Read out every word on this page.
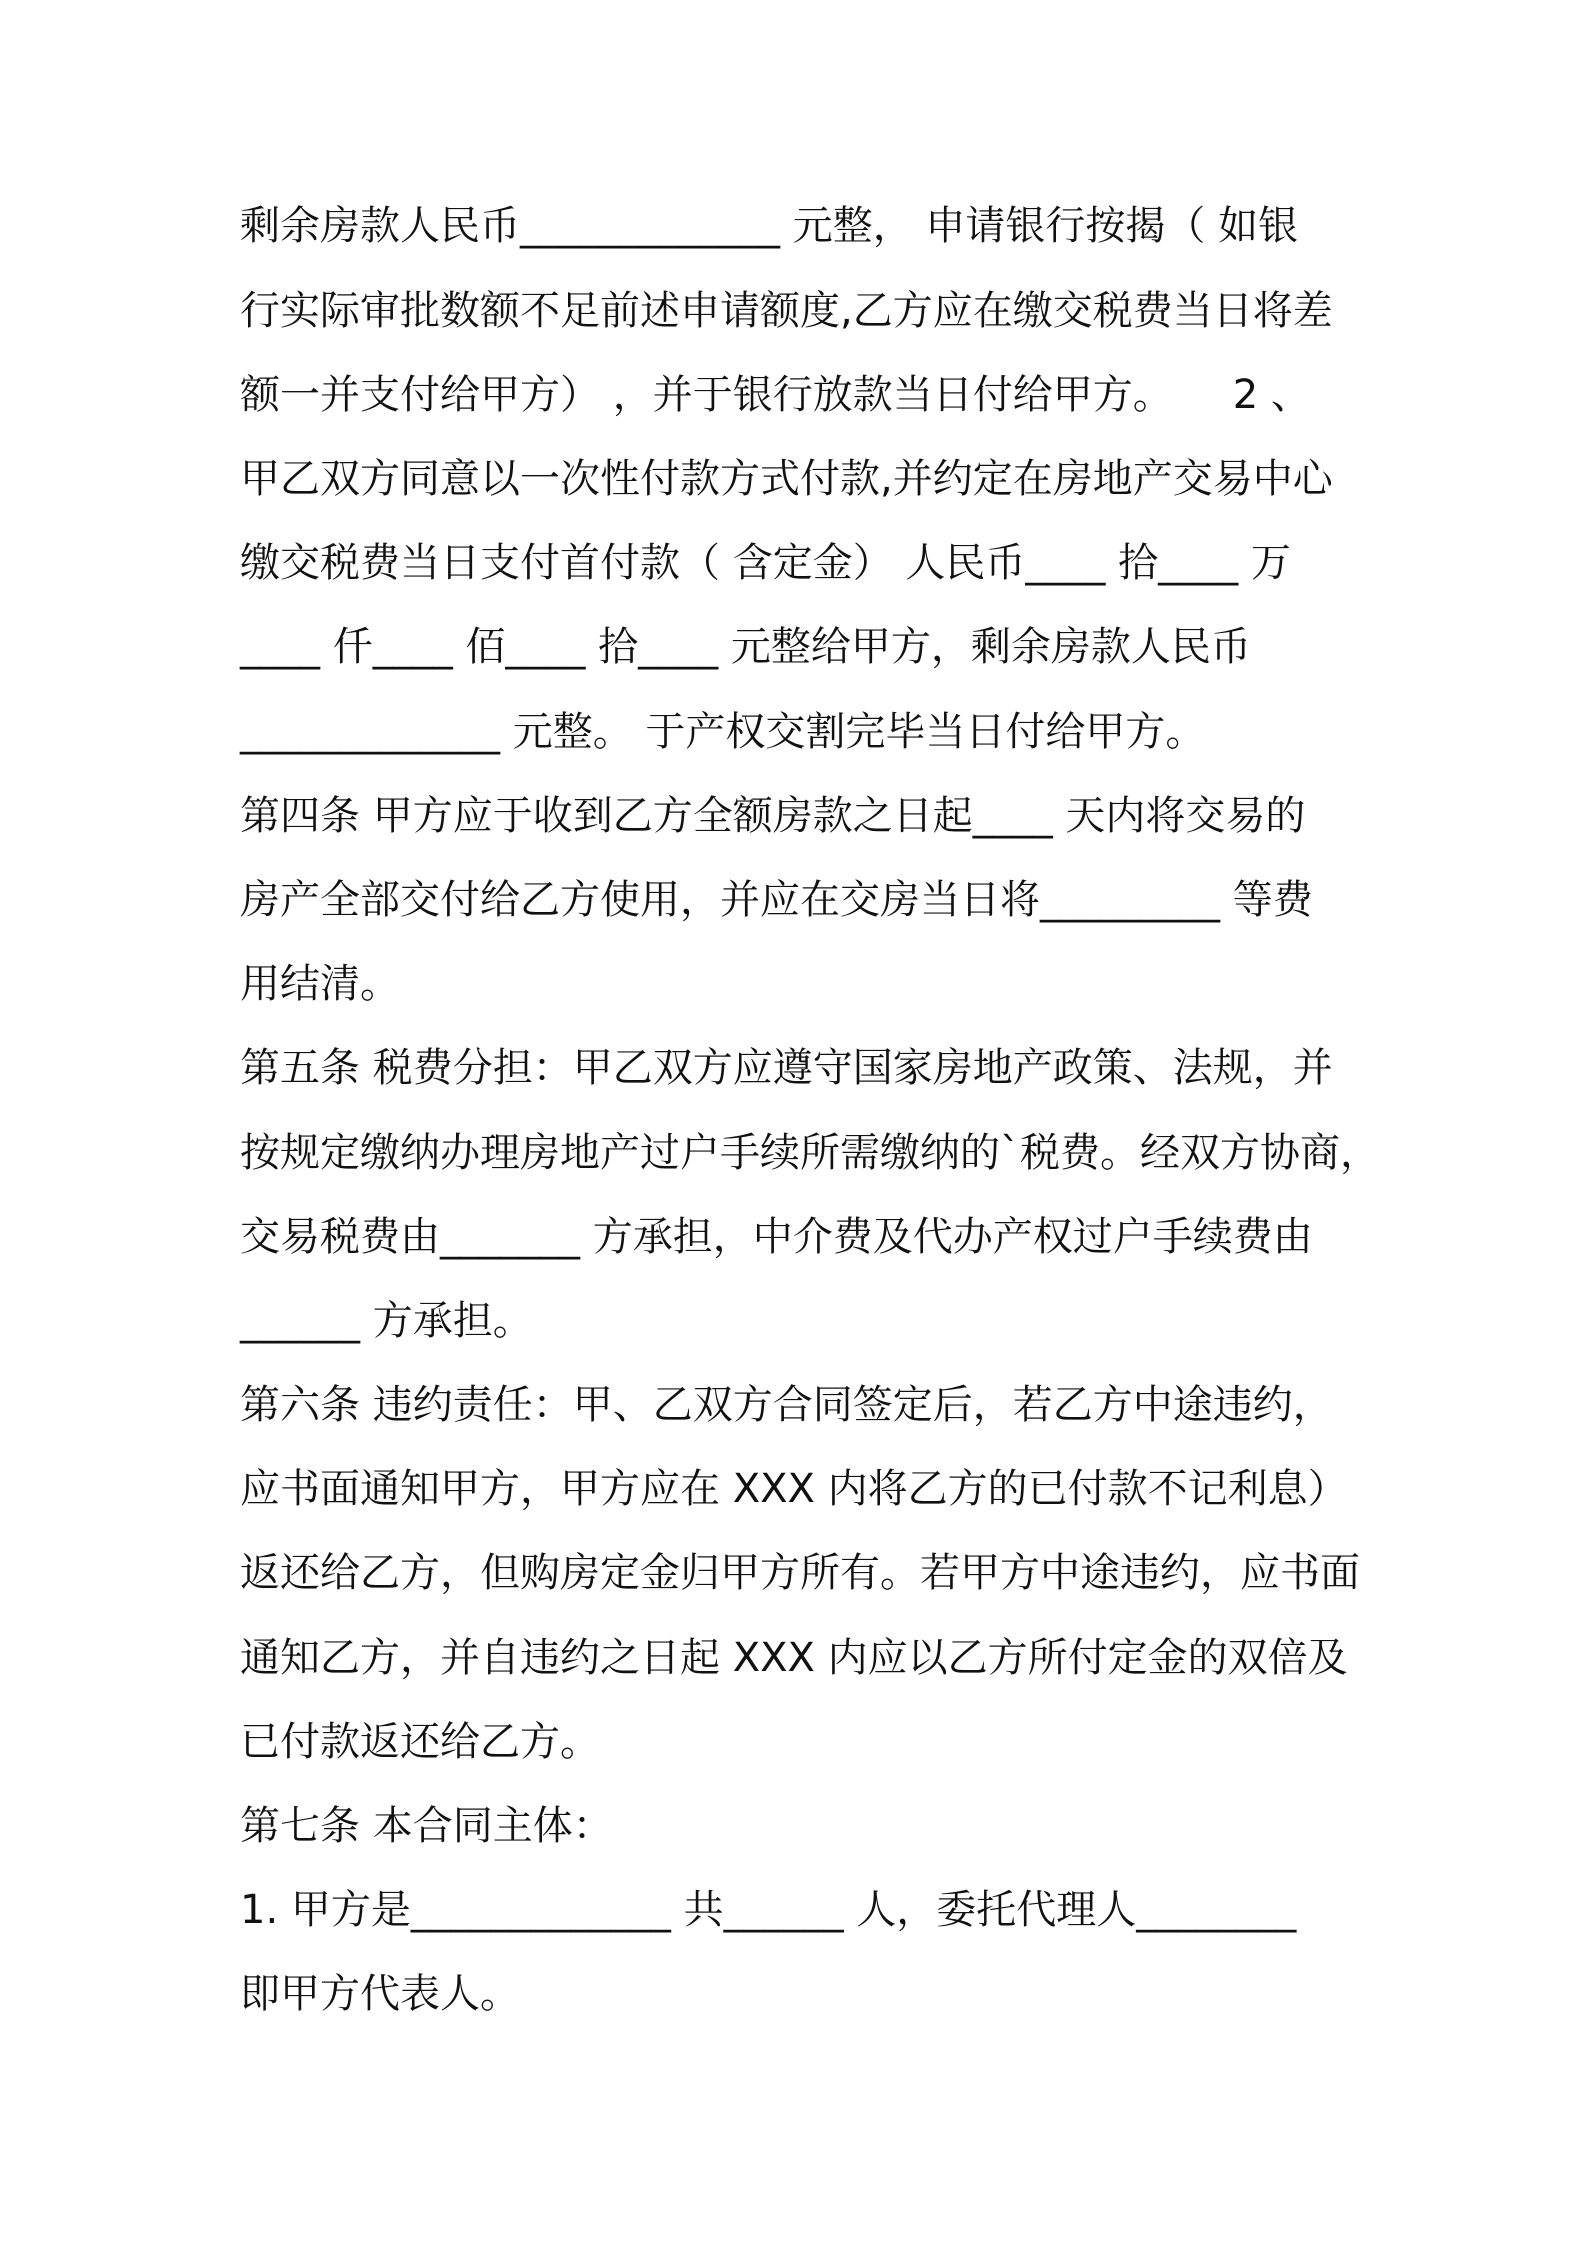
剩余房款人民币_____________ 元整， 申请银行按揭（ 如银
行实际审批数额不足前述申请额度,乙方应在缴交税费当日将差
额一并支付给甲方） ，并于银行放款当日付给甲方。　　2 、
甲乙双方同意以一次性付款方式付款,并约定在房地产交易中心
缴交税费当日支付首付款（ 含定金） 人民币____ 拾____ 万
____ 仟____ 佰____ 拾____ 元整给甲方，剩余房款人民币
_____________ 元整。 于产权交割完毕当日付给甲方。
第四条 甲方应于收到乙方全额房款之日起____ 天内将交易的
房产全部交付给乙方使用，并应在交房当日将_________ 等费
用结清。
第五条 税费分担：甲乙双方应遵守国家房地产政策、法规，并
按规定缴纳办理房地产过户手续所需缴纳的`税费。经双方协商，
交易税费由_______ 方承担，中介费及代办产权过户手续费由
______ 方承担。
第六条 违约责任：甲、乙双方合同签定后，若乙方中途违约，
应书面通知甲方，甲方应在 XXX 内将乙方的已付款不记利息）
返还给乙方，但购房定金归甲方所有。若甲方中途违约，应书面
通知乙方，并自违约之日起 XXX 内应以乙方所付定金的双倍及
已付款返还给乙方。
第七条 本合同主体：
1. 甲方是_____________ 共______ 人，委托代理人________
即甲方代表人。
